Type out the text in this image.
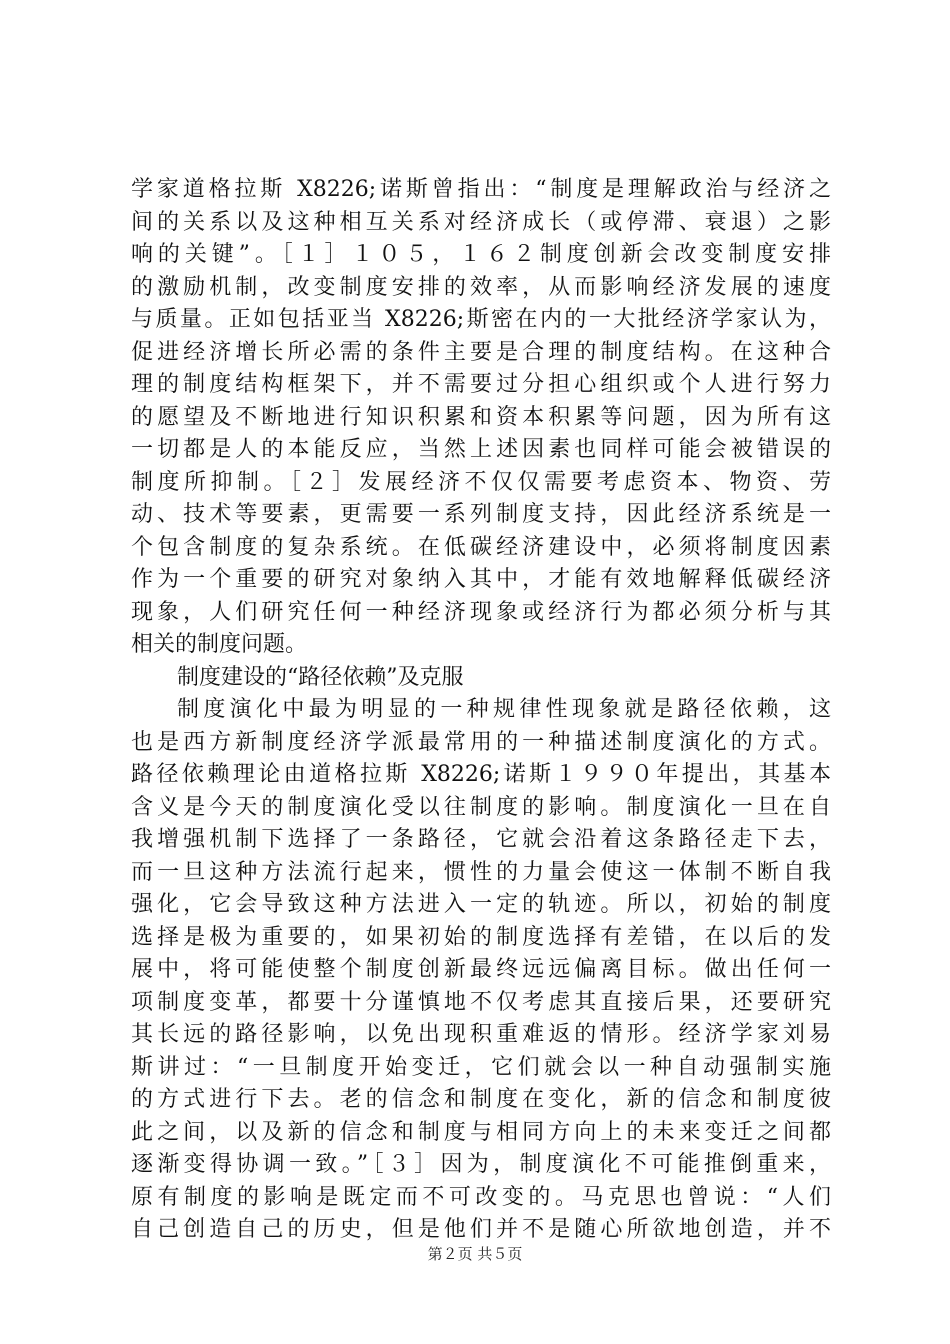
学家道格拉斯 X8226;诺斯曾指出：“制度是理解政治与经济之
间的关系以及这种相互关系对经济成长（或停滞、衰退）之影
响的关键”。［１］１０５，１６２制度创新会改变制度安排
的激励机制，改变制度安排的效率，从而影响经济发展的速度
与质量。正如包括亚当 X8226;斯密在内的一大批经济学家认为，
促进经济增长所必需的条件主要是合理的制度结构。在这种合
理的制度结构框架下，并不需要过分担心组织或个人进行努力
的愿望及不断地进行知识积累和资本积累等问题，因为所有这
一切都是人的本能反应，当然上述因素也同样可能会被错误的
制度所抑制。［２］发展经济不仅仅需要考虑资本、物资、劳
动、技术等要素，更需要一系列制度支持，因此经济系统是一
个包含制度的复杂系统。在低碳经济建设中，必须将制度因素
作为一个重要的研究对象纳入其中，才能有效地解释低碳经济
现象，人们研究任何一种经济现象或经济行为都必须分析与其
相关的制度问题。
制度建设的“路径依赖”及克服
制度演化中最为明显的一种规律性现象就是路径依赖，这
也是西方新制度经济学派最常用的一种描述制度演化的方式。
路径依赖理论由道格拉斯 X8226;诺斯１９９０年提出，其基本
含义是今天的制度演化受以往制度的影响。制度演化一旦在自
我增强机制下选择了一条路径，它就会沿着这条路径走下去，
而一旦这种方法流行起来，惯性的力量会使这一体制不断自我
强化，它会导致这种方法进入一定的轨迹。所以，初始的制度
选择是极为重要的，如果初始的制度选择有差错，在以后的发
展中，将可能使整个制度创新最终远远偏离目标。做出任何一
项制度变革，都要十分谨慎地不仅考虑其直接后果，还要研究
其长远的路径影响，以免出现积重难返的情形。经济学家刘易
斯讲过：“一旦制度开始变迁，它们就会以一种自动强制实施
的方式进行下去。老的信念和制度在变化，新的信念和制度彼
此之间，以及新的信念和制度与相同方向上的未来变迁之间都
逐渐变得协调一致。”［３］因为，制度演化不可能推倒重来，
原有制度的影响是既定而不可改变的。马克思也曾说：“人们
自己创造自己的历史，但是他们并不是随心所欲地创造，并不
第２页 共５页
